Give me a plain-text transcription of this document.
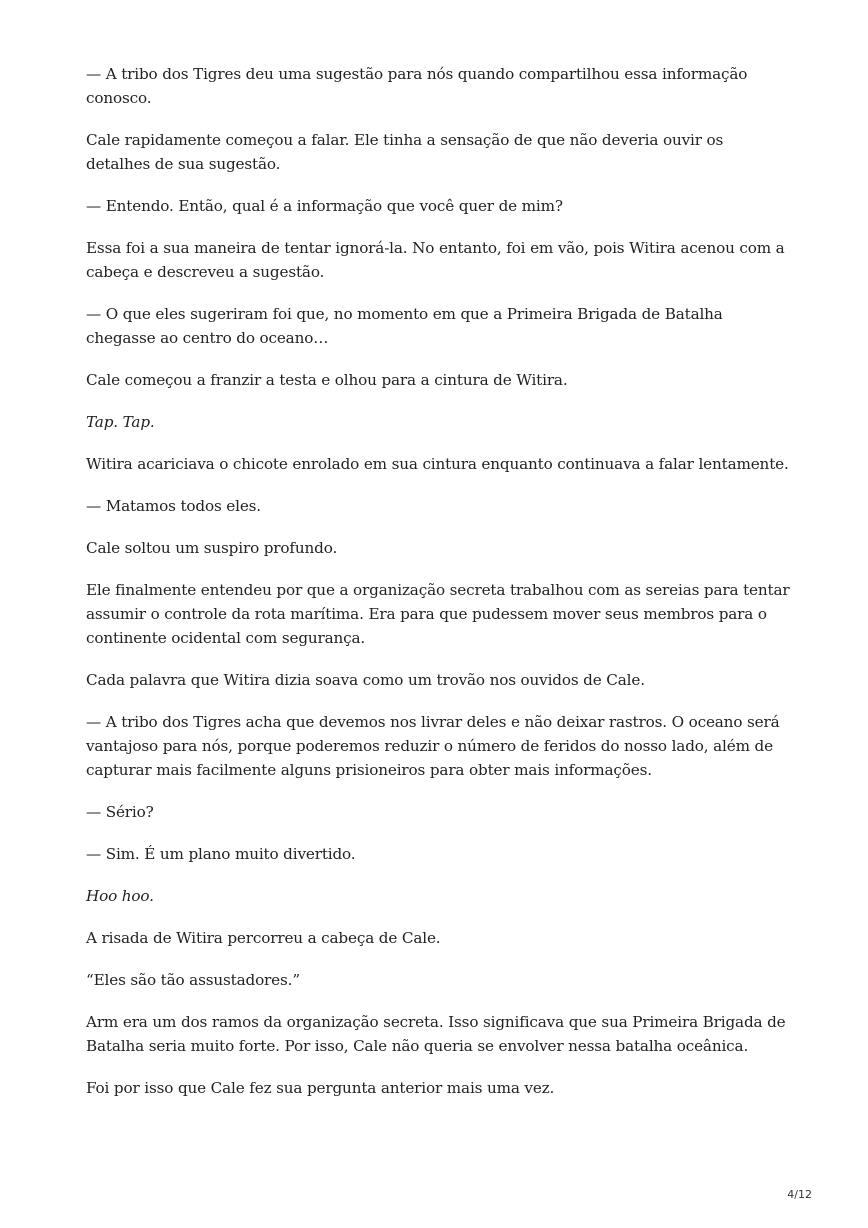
— A tribo dos Tigres deu uma sugestão para nós quando compartilhou essa informação conosco.

Cale rapidamente começou a falar. Ele tinha a sensação de que não deveria ouvir os detalhes de sua sugestão.

— Entendo. Então, qual é a informação que você quer de mim?

Essa foi a sua maneira de tentar ignorá-la. No entanto, foi em vão, pois Witira acenou com a cabeça e descreveu a sugestão.

— O que eles sugeriram foi que, no momento em que a Primeira Brigada de Batalha chegasse ao centro do oceano…

Cale começou a franzir a testa e olhou para a cintura de Witira.

Tap. Tap.

Witira acariciava o chicote enrolado em sua cintura enquanto continuava a falar lentamente.

— Matamos todos eles.

Cale soltou um suspiro profundo.

Ele finalmente entendeu por que a organização secreta trabalhou com as sereias para tentar assumir o controle da rota marítima. Era para que pudessem mover seus membros para o continente ocidental com segurança.

Cada palavra que Witira dizia soava como um trovão nos ouvidos de Cale.

— A tribo dos Tigres acha que devemos nos livrar deles e não deixar rastros. O oceano será vantajoso para nós, porque poderemos reduzir o número de feridos do nosso lado, além de capturar mais facilmente alguns prisioneiros para obter mais informações.

— Sério?

— Sim. É um plano muito divertido.

Hoo hoo.

A risada de Witira percorreu a cabeça de Cale.

“Eles são tão assustadores.”

Arm era um dos ramos da organização secreta. Isso significava que sua Primeira Brigada de Batalha seria muito forte. Por isso, Cale não queria se envolver nessa batalha oceânica.

Foi por isso que Cale fez sua pergunta anterior mais uma vez.

4/12
